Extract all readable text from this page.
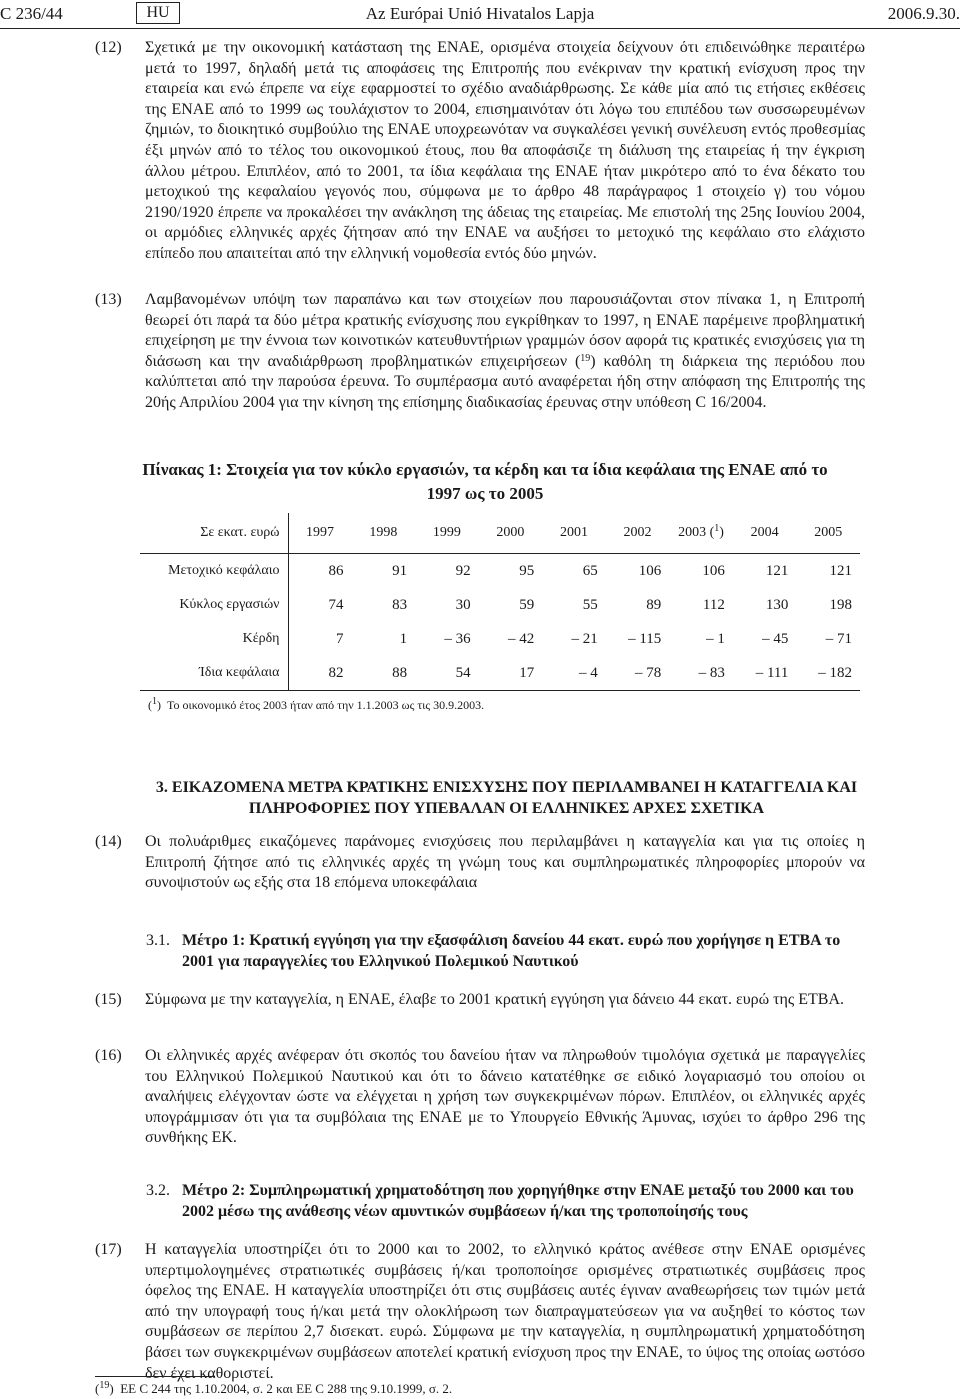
C 236/44	HU	Az Európai Unió Hivatalos Lapja	2006.9.30.
(12) Σχετικά με την οικονομική κατάσταση της ΕΝΑΕ, ορισμένα στοιχεία δείχνουν ότι επιδεινώθηκε περαιτέρω μετά το 1997, δηλαδή μετά τις αποφάσεις της Επιτροπής που ενέκριναν την κρατική ενίσχυση προς την εταιρεία και ενώ έπρεπε να είχε εφαρμοστεί το σχέδιο αναδιάρθρωσης. Σε κάθε μία από τις ετήσιες εκθέσεις της ΕΝΑΕ από το 1999 ως τουλάχιστον το 2004, επισημαινόταν ότι λόγω του επιπέδου των συσσωρευμένων ζημιών, το διοικητικό συμβούλιο της ΕΝΑΕ υποχρεωνόταν να συγκαλέσει γενική συνέλευση εντός προθεσμίας έξι μηνών από το τέλος του οικονομικού έτους, που θα αποφάσιζε τη διάλυση της εταιρείας ή την έγκριση άλλου μέτρου. Επιπλέον, από το 2001, τα ίδια κεφάλαια της ΕΝΑΕ ήταν μικρότερο από το ένα δέκατο του μετοχικού της κεφαλαίου γεγονός που, σύμφωνα με το άρθρο 48 παράγραφος 1 στοιχείο γ) του νόμου 2190/1920 έπρεπε να προκαλέσει την ανάκληση της άδειας της εταιρείας. Με επιστολή της 25ης Ιουνίου 2004, οι αρμόδιες ελληνικές αρχές ζήτησαν από την ΕΝΑΕ να αυξήσει το μετοχικό της κεφάλαιο στο ελάχιστο επίπεδο που απαιτείται από την ελληνική νομοθεσία εντός δύο μηνών.
(13) Λαμβανομένων υπόψη των παραπάνω και των στοιχείων που παρουσιάζονται στον πίνακα 1, η Επιτροπή θεωρεί ότι παρά τα δύο μέτρα κρατικής ενίσχυσης που εγκρίθηκαν το 1997, η ΕΝΑΕ παρέμεινε προβληματική επιχείρηση με την έννοια των κοινοτικών κατευθυντήριων γραμμών όσον αφορά τις κρατικές ενισχύσεις για τη διάσωση και την αναδιάρθρωση προβληματικών επιχειρήσεων ($^{19}$) καθόλη τη διάρκεια της περιόδου που καλύπτεται από την παρούσα έρευνα. Το συμπέρασμα αυτό αναφέρεται ήδη στην απόφαση της Επιτροπής της 20ής Απριλίου 2004 για την κίνηση της επίσημης διαδικασίας έρευνας στην υπόθεση C 16/2004.
Πίνακας 1: Στοιχεία για τον κύκλο εργασιών, τα κέρδη και τα ίδια κεφάλαια της ΕΝΑΕ από το 1997 ως το 2005
Σε εκατ. ευρώ	1997	1998	1999	2000	2001	2002	2003 ($^1$)	2004	2005
Μετοχικό κεφάλαιο	86	91	92	95	65	106	106	121	121
Κύκλος εργασιών	74	83	30	59	55	89	112	130	198
Κέρδη	7	1	– 36	– 42	– 21	– 115	– 1	– 45	– 71
Ίδια κεφάλαια	82	88	54	17	– 4	– 78	– 83	– 111	– 182
($^1$)  Το οικονομικό έτος 2003 ήταν από την 1.1.2003 ως τις 30.9.2003.
3. ΕΙΚΑΖΟΜΕΝΑ ΜΕΤΡΑ ΚΡΑΤΙΚΗΣ ΕΝΙΣΧΥΣΗΣ ΠΟΥ ΠΕΡΙΛΑΜΒΑΝΕΙ Η ΚΑΤΑΓΓΕΛΙΑ ΚΑΙ ΠΛΗΡΟΦΟΡΙΕΣ ΠΟΥ ΥΠΕΒΑΛΑΝ ΟΙ ΕΛΛΗΝΙΚΕΣ ΑΡΧΕΣ ΣΧΕΤΙΚΑ
(14) Οι πολυάριθμες εικαζόμενες παράνομες ενισχύσεις που περιλαμβάνει η καταγγελία και για τις οποίες η Επιτροπή ζήτησε από τις ελληνικές αρχές τη γνώμη τους και συμπληρωματικές πληροφορίες μπορούν να συνοψιστούν ως εξής στα 18 επόμενα υποκεφάλαια
3.1. Μέτρο 1: Κρατική εγγύηση για την εξασφάλιση δανείου 44 εκατ. ευρώ που χορήγησε η ΕΤΒΑ το 2001 για παραγγελίες του Ελληνικού Πολεμικού Ναυτικού
(15) Σύμφωνα με την καταγγελία, η ΕΝΑΕ, έλαβε το 2001 κρατική εγγύηση για δάνειο 44 εκατ. ευρώ της ΕΤΒΑ.
(16) Οι ελληνικές αρχές ανέφεραν ότι σκοπός του δανείου ήταν να πληρωθούν τιμολόγια σχετικά με παραγγελίες του Ελληνικού Πολεμικού Ναυτικού και ότι το δάνειο κατατέθηκε σε ειδικό λογαριασμό του οποίου οι αναλήψεις ελέγχονταν ώστε να ελέγχεται η χρήση των συγκεκριμένων πόρων. Επιπλέον, οι ελληνικές αρχές υπογράμμισαν ότι για τα συμβόλαια της ΕΝΑΕ με το Υπουργείο Εθνικής Άμυνας, ισχύει το άρθρο 296 της συνθήκης ΕΚ.
3.2. Μέτρο 2: Συμπληρωματική χρηματοδότηση που χορηγήθηκε στην ΕΝΑΕ μεταξύ του 2000 και του 2002 μέσω της ανάθεσης νέων αμυντικών συμβάσεων ή/και της τροποποίησής τους
(17) Η καταγγελία υποστηρίζει ότι το 2000 και το 2002, το ελληνικό κράτος ανέθεσε στην ΕΝΑΕ ορισμένες υπερτιμολογημένες στρατιωτικές συμβάσεις ή/και τροποποίησε ορισμένες στρατιωτικές συμβάσεις προς όφελος της ΕΝΑΕ. Η καταγγελία υποστηρίζει ότι στις συμβάσεις αυτές έγιναν αναθεωρήσεις των τιμών μετά από την υπογραφή τους ή/και μετά την ολοκλήρωση των διαπραγματεύσεων για να αυξηθεί το κόστος των συμβάσεων σε περίπου 2,7 δισεκατ. ευρώ. Σύμφωνα με την καταγγελία, η συμπληρωματική χρηματοδότηση βάσει των συγκεκριμένων συμβάσεων αποτελεί κρατική ενίσχυση προς την ΕΝΑΕ, το ύψος της οποίας ωστόσο δεν έχει καθοριστεί.
($^{19}$)  ΕΕ C 244 της 1.10.2004, σ. 2 και ΕΕ C 288 της 9.10.1999, σ. 2.
